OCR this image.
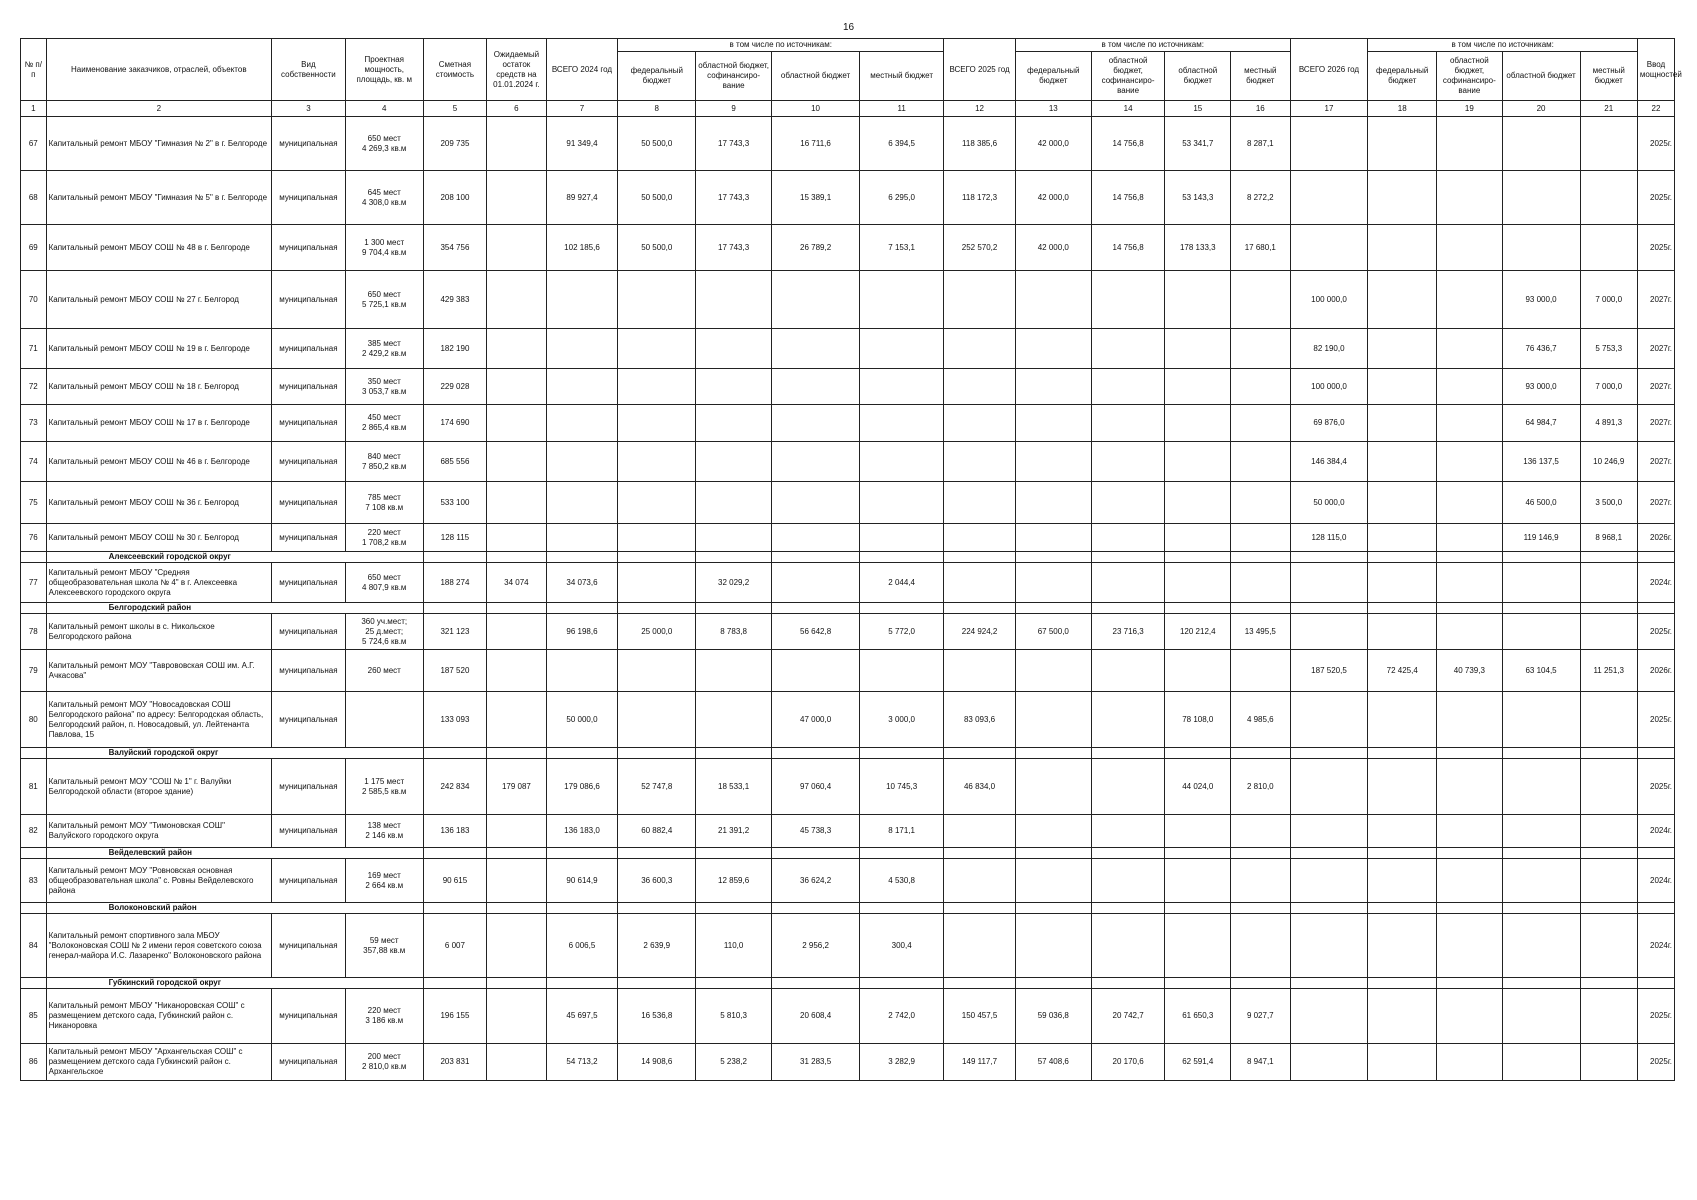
16
№ п/п	Наименование заказчиков, отраслей, объектов	Вид собственности	Проектная мощность, площадь, кв. м	Сметная стоимость	Ожидаемый остаток средств на 01.01.2024 г.	ВСЕГО 2024 год	в том числе по источникам:				ВСЕГО 2025 год	в том числе по источникам:				ВСЕГО 2026 год	в том числе по источникам:				Ввод мощностей
							федеральный бюджет	областной бюджет, софинансиро-вание	областной бюджет	местный бюджет		федеральный бюджет	областной бюджет, софинансиро-вание	областной бюджет	местный бюджет		федеральный бюджет	областной бюджет, софинансиро-вание	областной бюджет	местный бюджет	
1	2	3	4	5	6	7	8	9	10	11	12	13	14	15	16	17	18	19	20	21	22
67	Капитальный ремонт МБОУ "Гимназия № 2" в г. Белгороде	муниципальная	650 мест
4 269,3 кв.м	209 735		91 349,4	50 500,0	17 743,3	16 711,6	6 394,5	118 385,6	42 000,0	14 756,8	53 341,7	8 287,1						2025г.
68	Капитальный ремонт МБОУ "Гимназия № 5" в г. Белгороде	муниципальная	645 мест
4 308,0 кв.м	208 100		89 927,4	50 500,0	17 743,3	15 389,1	6 295,0	118 172,3	42 000,0	14 756,8	53 143,3	8 272,2						2025г.
69	Капитальный ремонт МБОУ СОШ № 48 в г. Белгороде	муниципальная	1 300 мест
9 704,4 кв.м	354 756		102 185,6	50 500,0	17 743,3	26 789,2	7 153,1	252 570,2	42 000,0	14 756,8	178 133,3	17 680,1						2025г.
70	Капитальный ремонт МБОУ СОШ № 27 г. Белгород	муниципальная	650 мест
5 725,1 кв.м	429 383												100 000,0			93 000,0	7 000,0	2027г.
71	Капитальный ремонт МБОУ СОШ № 19 в г. Белгороде	муниципальная	385 мест
2 429,2 кв.м	182 190												82 190,0			76 436,7	5 753,3	2027г.
72	Капитальный ремонт МБОУ СОШ № 18 г. Белгород	муниципальная	350 мест
3 053,7 кв.м	229 028												100 000,0			93 000,0	7 000,0	2027г.
73	Капитальный ремонт МБОУ СОШ № 17 в г. Белгороде	муниципальная	450 мест
2 865,4 кв.м	174 690												69 876,0			64 984,7	4 891,3	2027г.
74	Капитальный ремонт МБОУ СОШ № 46 в г. Белгороде	муниципальная	840 мест
7 850,2 кв.м	685 556												146 384,4			136 137,5	10 246,9	2027г.
75	Капитальный ремонт МБОУ СОШ № 36 г. Белгород	муниципальная	785 мест
7 108 кв.м	533 100												50 000,0			46 500,0	3 500,0	2027г.
76	Капитальный ремонт МБОУ СОШ № 30 г. Белгород	муниципальная	220 мест
1 708,2 кв.м	128 115												128 115,0			119 146,9	8 968,1	2026г.
	Алексеевский городской округ																				
77	Капитальный ремонт МБОУ "Средняя общеобразовательная школа № 4" в г. Алексеевка Алексеевского городского округа	муниципальная	650 мест
4 807,9 кв.м	188 274	34 074	34 073,6		32 029,2		2 044,4											2024г.
	Белгородский район																				
78	Капитальный ремонт школы в с. Никольское Белгородского района	муниципальная	360 уч.мест;
25 д.мест;
5 724,6 кв.м	321 123		96 198,6	25 000,0	8 783,8	56 642,8	5 772,0	224 924,2	67 500,0	23 716,3	120 212,4	13 495,5						2025г.
79	Капитальный ремонт МОУ "Таврововская СОШ им. А.Г. Ачкасова"	муниципальная	260 мест	187 520												187 520,5	72 425,4	40 739,3	63 104,5	11 251,3	2026г.
80	Капитальный ремонт МОУ "Новосадовская СОШ Белгородского района" по адресу: Белгородская область, Белгородский район, п. Новосадовый, ул. Лейтенанта Павлова, 15	муниципальная		133 093		50 000,0			47 000,0	3 000,0	83 093,6			78 108,0	4 985,6						2025г.
	Валуйский городской округ																				
81	Капитальный ремонт МОУ "СОШ № 1" г. Валуйки Белгородской области (второе здание)	муниципальная	1 175 мест
2 585,5 кв.м	242 834	179 087	179 086,6	52 747,8	18 533,1	97 060,4	10 745,3	46 834,0			44 024,0	2 810,0						2025г.
82	Капитальный ремонт МОУ "Тимоновская СОШ" Валуйского городского округа	муниципальная	138 мест
2 146 кв.м	136 183		136 183,0	60 882,4	21 391,2	45 738,3	8 171,1											2024г.
	Вейделевский район																				
83	Капитальный ремонт МОУ "Ровновская основная общеобразовательная школа" с. Ровны Вейделевского района	муниципальная	169 мест
2 664 кв.м	90 615		90 614,9	36 600,3	12 859,6	36 624,2	4 530,8											2024г.
	Волоконовский район																				
84	Капитальный ремонт спортивного зала МБОУ "Волоконовская СОШ № 2 имени героя советского союза генерал-майора И.С. Лазаренко" Волоконовского района	муниципальная	59 мест
357,88 кв.м	6 007		6 006,5	2 639,9	110,0	2 956,2	300,4											2024г.
	Губкинский городской округ																				
85	Капитальный ремонт МБОУ "Никаноровская СОШ" с размещением детского сада, Губкинский район с. Никаноровка	муниципальная	220 мест
3 186 кв.м	196 155		45 697,5	16 536,8	5 810,3	20 608,4	2 742,0	150 457,5	59 036,8	20 742,7	61 650,3	9 027,7						2025г.
86	Капитальный ремонт МБОУ "Архангельская СОШ" с размещением детского сада Губкинский район с. Архангельское	муниципальная	200 мест
2 810,0 кв.м	203 831		54 713,2	14 908,6	5 238,2	31 283,5	3 282,9	149 117,7	57 408,6	20 170,6	62 591,4	8 947,1						2025г.
